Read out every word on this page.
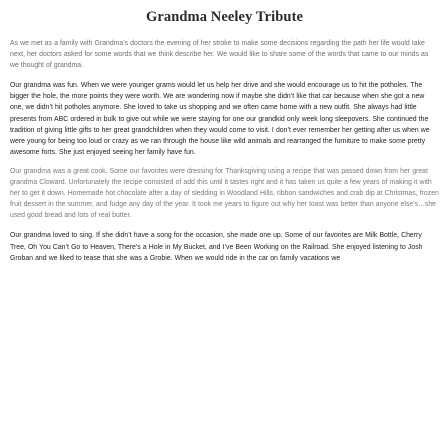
Grandma Neeley Tribute

As we met as a family with Grandma’s doctors the evening of her stroke to make some decisions regarding the path her life would take next, her doctors asked for some words that we think describe her. We would like to share some of the words that came to our minds as we thought of grandma.

Our grandma was fun. When we were younger grams would let us help her drive and she would encourage us to hit the potholes. The bigger the hole, the more points they were worth. We are wondering now if maybe she didn’t like that car because when she got a new one, we didn’t hit potholes anymore. She loved to take us shopping and we often came home with a new outfit. She always had little presents from ABC ordered in bulk to give out while we were staying for one our grandkid only week long sleepovers. She continued the tradition of giving little gifts to her great grandchildren when they would come to visit. I don’t ever remember her getting after us when we were young for being too loud or crazy as we ran through the house like wild animals and rearranged the furniture to make some pretty awesome forts. She just enjoyed seeing her family have fun.

Our grandma was a great cook. Some our favorites were dressing for Thanksgiving using a recipe that was passed down from her great grandma Cloward. Unfortunately the recipe consisted of add this until it tastes right and it has taken us quite a few years of making it with her to get it down. Homemade hot chocolate after a day of sledding in Woodland Hills, ribbon sandwiches and crab dip at Christmas, frozen fruit dessert in the summer, and fudge any day of the year. It took me years to figure out why her toast was better than anyone else’s…she used good bread and lots of real butter.

Our grandma loved to sing. If she didn’t have a song for the occasion, she made one up. Some of our favorites are Milk Bottle, Cherry Tree, Oh You Can’t Go to Heaven, There’s a Hole in My Bucket, and I’ve Been Working on the Railroad. She enjoyed listening to Josh Groban and we liked to tease that she was a Grobie. When we would ride in the car on family vacations we
